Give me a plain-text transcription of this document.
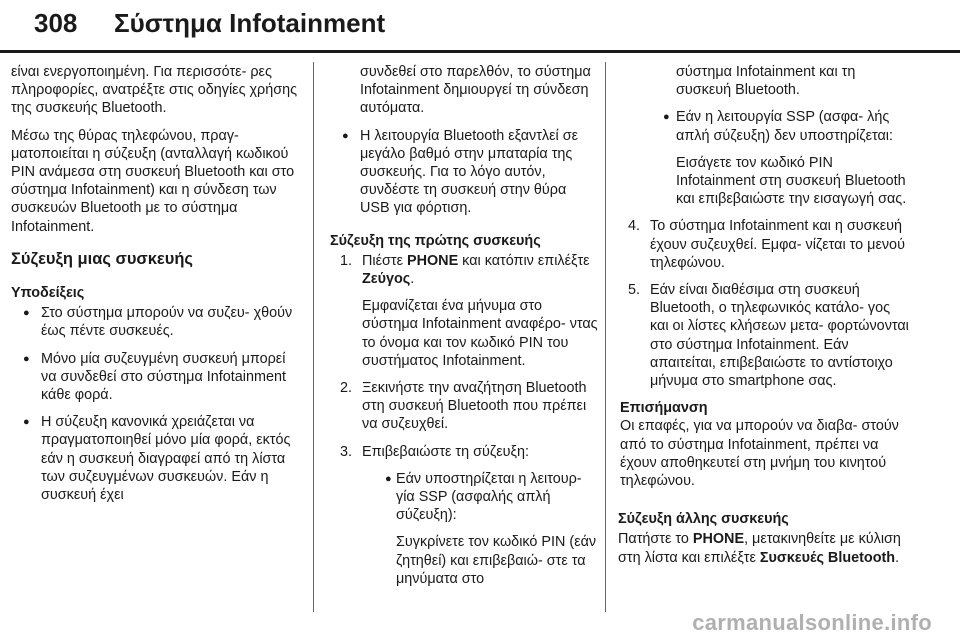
308 Σύστημα Infotainment

είναι ενεργοποιημένη. Για περισσότε- ρες πληροφορίες, ανατρέξτε στις οδηγίες χρήσης της συσκευής Bluetooth.

Μέσω της θύρας τηλεφώνου, πραγ- ματοποιείται η σύζευξη (ανταλλαγή κωδικού PIN ανάμεσα στη συσκευή Bluetooth και στο σύστημα Infotainment) και η σύνδεση των συσκευών Bluetooth με το σύστημα Infotainment.

Σύζευξη μιας συσκευής
Υποδείξεις
● Στο σύστημα μπορούν να συζευ- χθούν έως πέντε συσκευές.
● Μόνο μία συζευγμένη συσκευή μπορεί να συνδεθεί στο σύστημα Infotainment κάθε φορά.
● Η σύζευξη κανονικά χρειάζεται να πραγματοποιηθεί μόνο μία φορά, εκτός εάν η συσκευή διαγραφεί από τη λίστα των συζευγμένων συσκευών. Εάν η συσκευή έχει
συνδεθεί στο παρελθόν, το σύστημα Infotainment δημιουργεί τη σύνδεση αυτόματα.
● Η λειτουργία Bluetooth εξαντλεί σε μεγάλο βαθμό στην μπαταρία της συσκευής. Για το λόγο αυτόν, συνδέστε τη συσκευή στην θύρα USB για φόρτιση.
Σύζευξη της πρώτης συσκευής
1. Πιέστε PHONE και κατόπιν επιλέξτε Ζεύγος.
Εμφανίζεται ένα μήνυμα στο σύστημα Infotainment αναφέρο- ντας το όνομα και τον κωδικό PIN του συστήματος Infotainment.
2. Ξεκινήστε την αναζήτηση Bluetooth στη συσκευή Bluetooth που πρέπει να συζευχθεί.
3. Επιβεβαιώστε τη σύζευξη:
● Εάν υποστηρίζεται η λειτουρ- γία SSP (ασφαλής απλή σύζευξη):
Συγκρίνετε τον κωδικό PIN (εάν ζητηθεί) και επιβεβαιώ- στε τα μηνύματα στο
σύστημα Infotainment και τη συσκευή Bluetooth.
● Εάν η λειτουργία SSP (ασφα- λής απλή σύζευξη) δεν υποστηρίζεται:
Εισάγετε τον κωδικό PIN Infotainment στη συσκευή Bluetooth και επιβεβαιώστε την εισαγωγή σας.
4. Το σύστημα Infotainment και η συσκευή έχουν συζευχθεί. Εμφα- νίζεται το μενού τηλεφώνου.
5. Εάν είναι διαθέσιμα στη συσκευή Bluetooth, ο τηλεφωνικός κατάλο- γος και οι λίστες κλήσεων μετα- φορτώνονται στο σύστημα Infotainment. Εάν απαιτείται, επιβεβαιώστε το αντίστοιχο μήνυμα στο smartphone σας.
Επισήμανση
Οι επαφές, για να μπορούν να διαβα- στούν από το σύστημα Infotainment, πρέπει να έχουν αποθηκευτεί στη μνήμη του κινητού τηλεφώνου.
Σύζευξη άλλης συσκευής

Πατήστε το PHONE, μετακινηθείτε με κύλιση στη λίστα και επιλέξτε Συσκευές Bluetooth.

carmanualsonline.info
